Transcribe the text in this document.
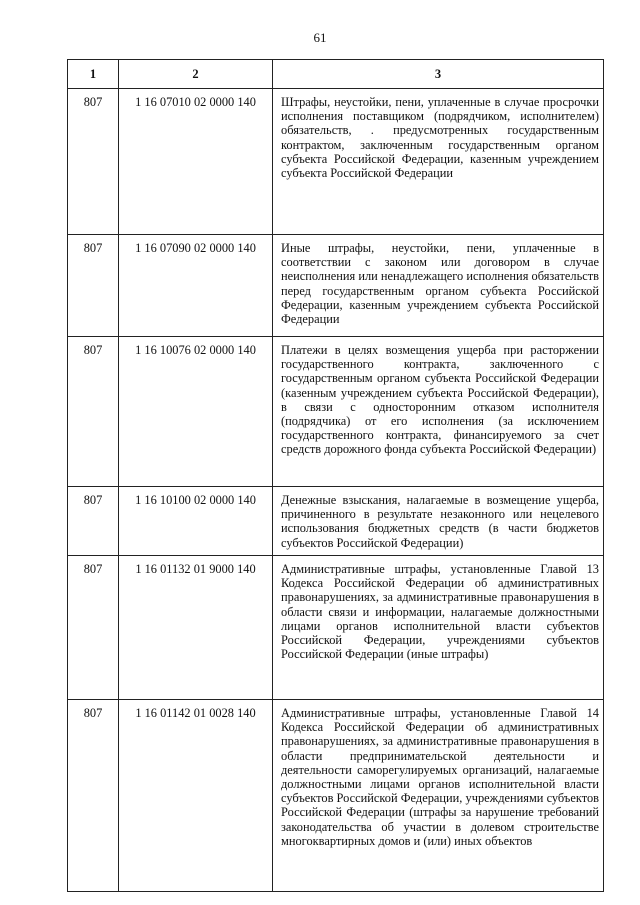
61
1	2	3

807	1 16 07010 02 0000 140	Штрафы, неустойки, пени, уплаченные в случае просрочки исполнения поставщиком (подрядчиком, исполнителем) обязательств, . предусмотренных государственным контрактом, заключенным государственным органом субъекта Российской Федерации, казенным учреждением субъекта Российской Федерации

807	1 16 07090 02 0000 140	Иные штрафы, неустойки, пени, уплаченные в соответствии с законом или договором в случае неисполнения или ненадлежащего исполнения обязательств перед государственным органом субъекта Российской Федерации, казенным учреждением субъекта Российской Федерации

807	1 16 10076 02 0000 140	Платежи в целях возмещения ущерба при расторжении государственного контракта, заключенного с государственным органом субъекта Российской Федерации (казенным учреждением субъекта Российской Федерации), в связи с односторонним отказом исполнителя (подрядчика) от его исполнения (за исключением государственного контракта, финансируемого за счет средств дорожного фонда субъекта Российской Федерации)

807	1 16 10100 02 0000 140	Денежные взыскания, налагаемые в возмещение ущерба, причиненного в результате незаконного или нецелевого использования бюджетных средств (в части бюджетов субъектов Российской Федерации)

807	1 16 01132 01 9000 140	Административные штрафы, установленные Главой 13 Кодекса Российской Федерации об административных правонарушениях, за административные правонарушения в области связи и информации, налагаемые должностными лицами органов исполнительной власти субъектов Российской Федерации, учреждениями субъектов Российской Федерации (иные штрафы)

807	1 16 01142 01 0028 140	Административные штрафы, установленные Главой 14 Кодекса Российской Федерации об административных правонарушениях, за административные правонарушения в области предпринимательской деятельности и деятельности саморегулируемых организаций, налагаемые должностными лицами органов исполнительной власти субъектов Российской Федерации, учреждениями субъектов Российской Федерации (штрафы за нарушение требований законодательства об участии в долевом строительстве многоквартирных домов и (или) иных объектов
